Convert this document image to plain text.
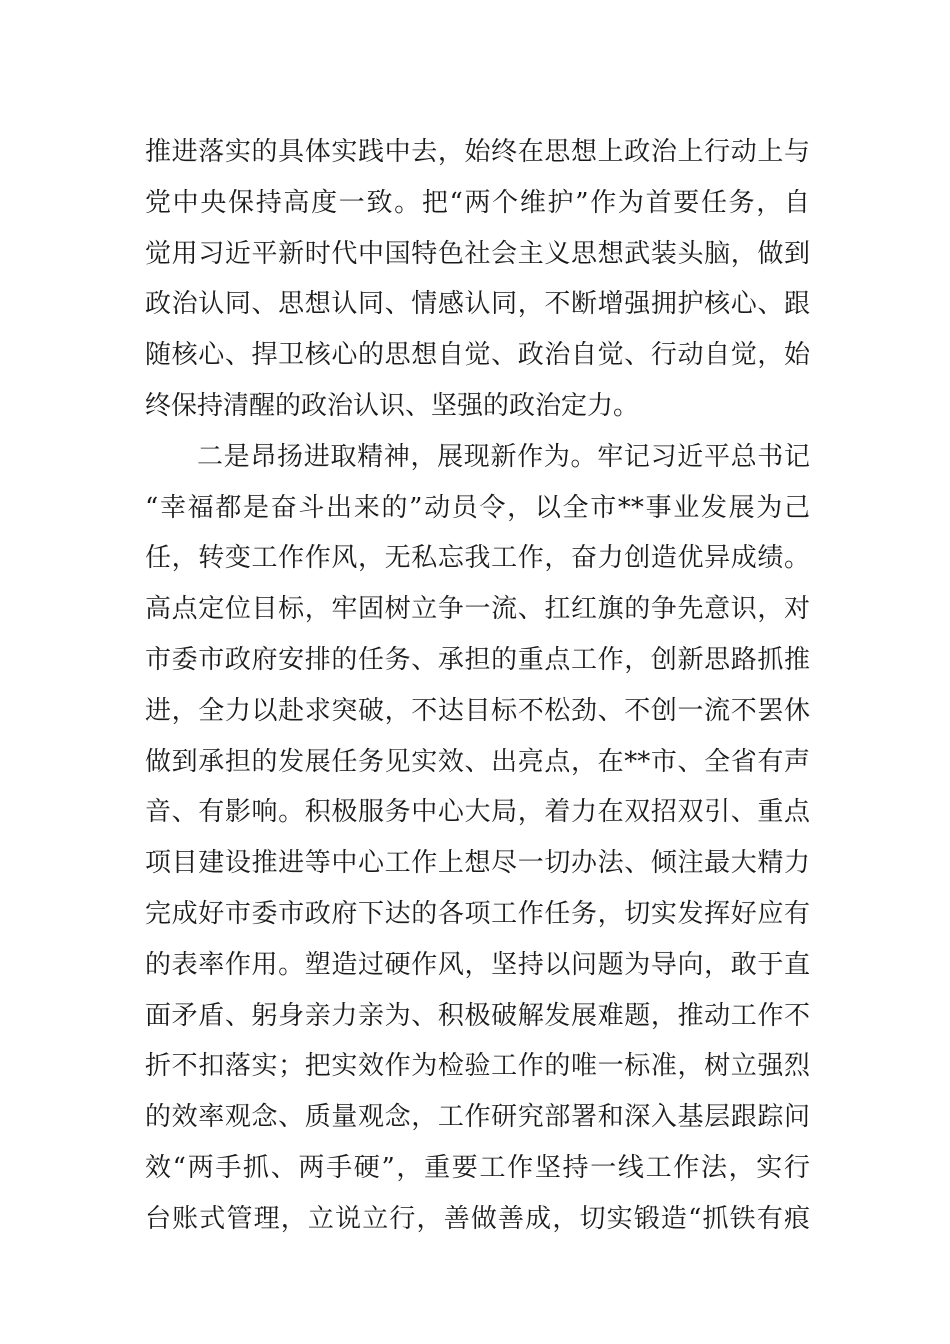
推进落实的具体实践中去，始终在思想上政治上行动上与
党中央保持高度一致。把“两个维护”作为首要任务，自
觉用习近平新时代中国特色社会主义思想武装头脑，做到
政治认同、思想认同、情感认同，不断增强拥护核心、跟
随核心、捍卫核心的思想自觉、政治自觉、行动自觉，始
终保持清醒的政治认识、坚强的政治定力。
二是昂扬进取精神，展现新作为。牢记习近平总书记
“幸福都是奋斗出来的”动员令，以全市**事业发展为己
任，转变工作作风，无私忘我工作，奋力创造优异成绩。
高点定位目标，牢固树立争一流、扛红旗的争先意识，对
市委市政府安排的任务、承担的重点工作，创新思路抓推
进，全力以赴求突破，不达目标不松劲、不创一流不罢休
做到承担的发展任务见实效、出亮点，在**市、全省有声
音、有影响。积极服务中心大局，着力在双招双引、重点
项目建设推进等中心工作上想尽一切办法、倾注最大精力
完成好市委市政府下达的各项工作任务，切实发挥好应有
的表率作用。塑造过硬作风，坚持以问题为导向，敢于直
面矛盾、躬身亲力亲为、积极破解发展难题，推动工作不
折不扣落实；把实效作为检验工作的唯一标准，树立强烈
的效率观念、质量观念，工作研究部署和深入基层跟踪问
效“两手抓、两手硬”，重要工作坚持一线工作法，实行
台账式管理，立说立行，善做善成，切实锻造“抓铁有痕
